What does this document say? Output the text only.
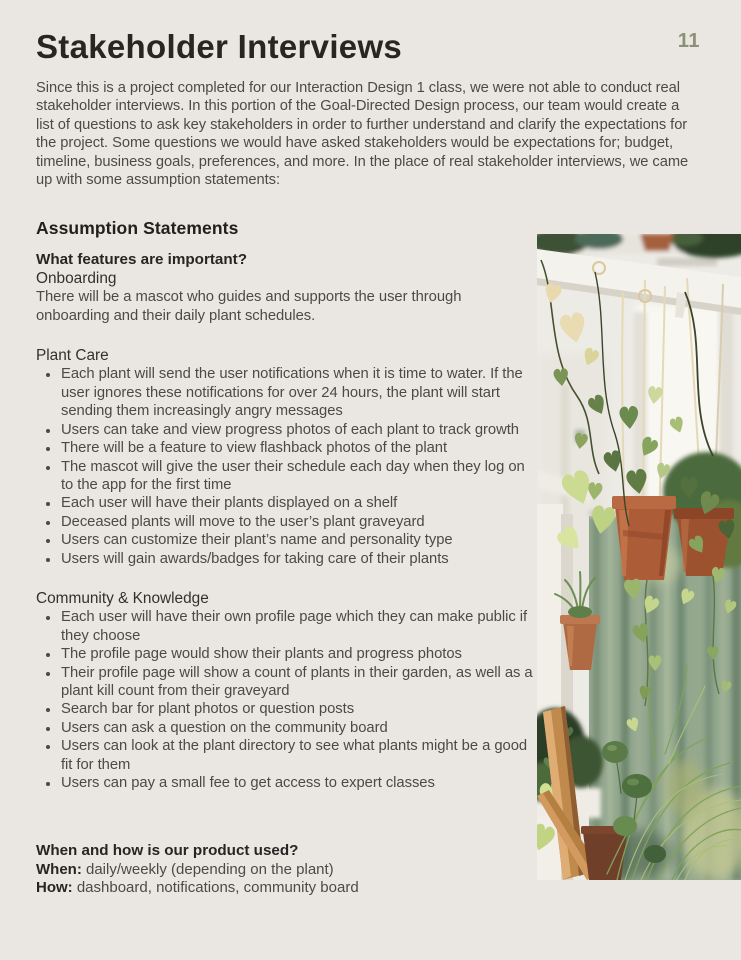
11
Stakeholder Interviews

Since this is a project completed for our Interaction Design 1 class, we were not able to conduct real stakeholder interviews. In this portion of the Goal-Directed Design process, our team would create a list of questions to ask key stakeholders in order to further understand and clarify the expectations for the project. Some questions we would have asked stakeholders would be expectations for; budget, timeline, business goals, preferences, and more. In the place of real stakeholder interviews, we came up with some assumption statements:

Assumption Statements
What features are important?

Onboarding

There will be a mascot who guides and supports the user through onboarding and their daily plant schedules.

Plant Care

• Each plant will send the user notifications when it is time to water. If the user ignores these notifications for over 24 hours, the plant will start sending them increasingly angry messages
• Users can take and view progress photos of each plant to track growth
• There will be a feature to view flashback photos of the plant
• The mascot will give the user their schedule each day when they log on to the app for the first time
• Each user will have their plants displayed on a shelf
• Deceased plants will move to the user’s plant graveyard
• Users can customize their plant’s name and personality type
• Users will gain awards/badges for taking care of their plants

Community & Knowledge

• Each user will have their own profile page which they can make public if they choose
• The profile page would show their plants and progress photos
• Their profile page will show a count of plants in their garden, as well as a plant kill count from their graveyard
• Search bar for plant photos or question posts
• Users can ask a question on the community board
• Users can look at the plant directory to see what plants might be a good fit for them
• Users can pay a small fee to get access to expert classes
When and how is our product used?

When: daily/weekly (depending on the plant)

How: dashboard, notifications, community board
